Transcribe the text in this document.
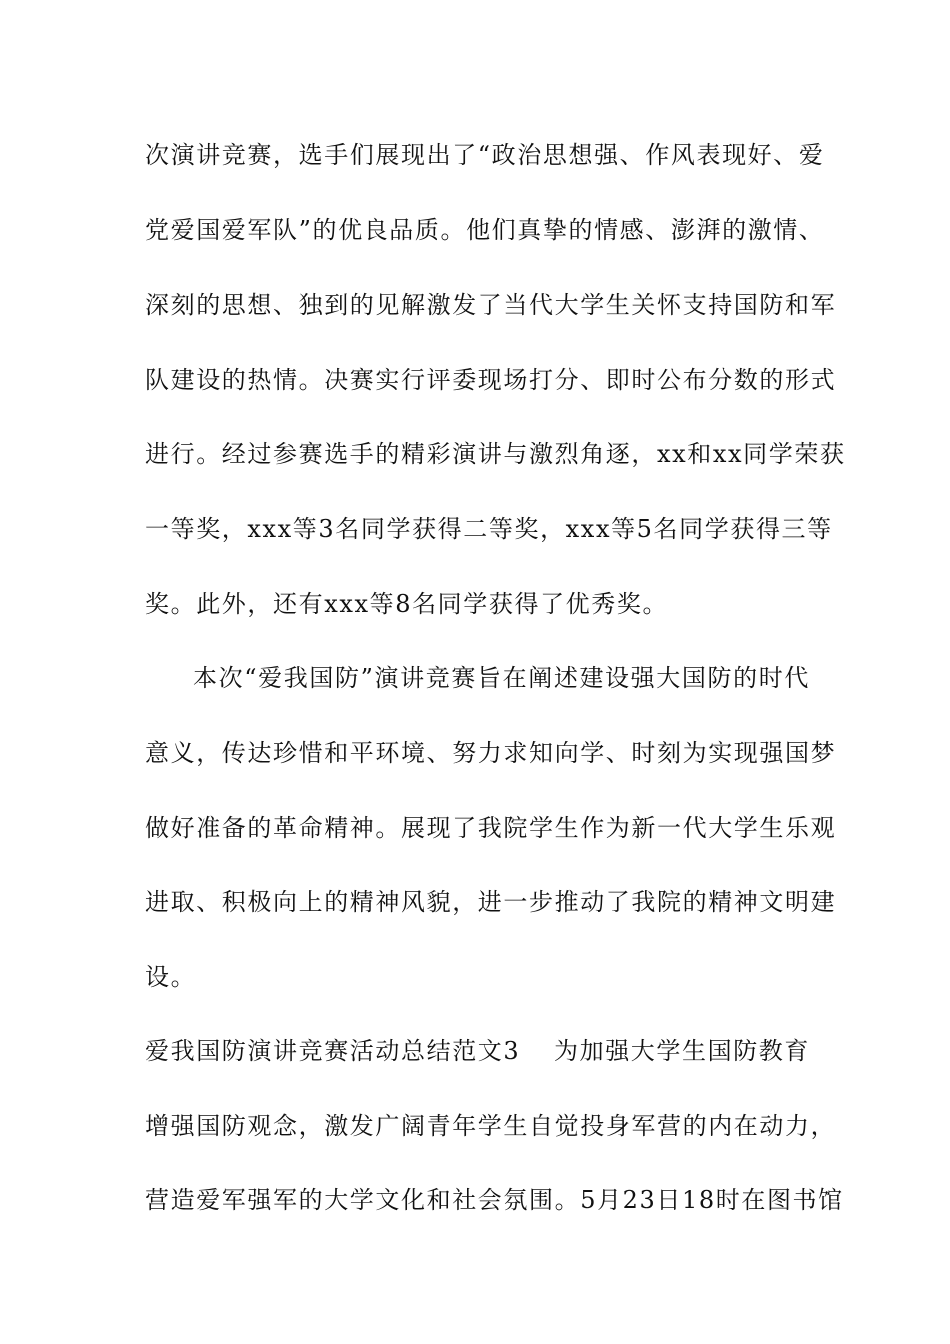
次演讲竞赛，选手们展现出了“政治思想强、作风表现好、爱
党爱国爱军队”的优良品质。他们真挚的情感、澎湃的激情、
深刻的思想、独到的见解激发了当代大学生关怀支持国防和军
队建设的热情。决赛实行评委现场打分、即时公布分数的形式
进行。经过参赛选手的精彩演讲与激烈角逐，xx和xx同学荣获
一等奖，xxx等3名同学获得二等奖，xxx等5名同学获得三等
奖。此外，还有xxx等8名同学获得了优秀奖。
本次“爱我国防”演讲竞赛旨在阐述建设强大国防的时代
意义，传达珍惜和平环境、努力求知向学、时刻为实现强国梦
做好准备的革命精神。展现了我院学生作为新一代大学生乐观
进取、积极向上的精神风貌，进一步推动了我院的精神文明建
设。
爱我国防演讲竞赛活动总结范文3 为加强大学生国防教育
增强国防观念，激发广阔青年学生自觉投身军营的内在动力，
营造爱军强军的大学文化和社会氛围。5月23日18时在图书馆
